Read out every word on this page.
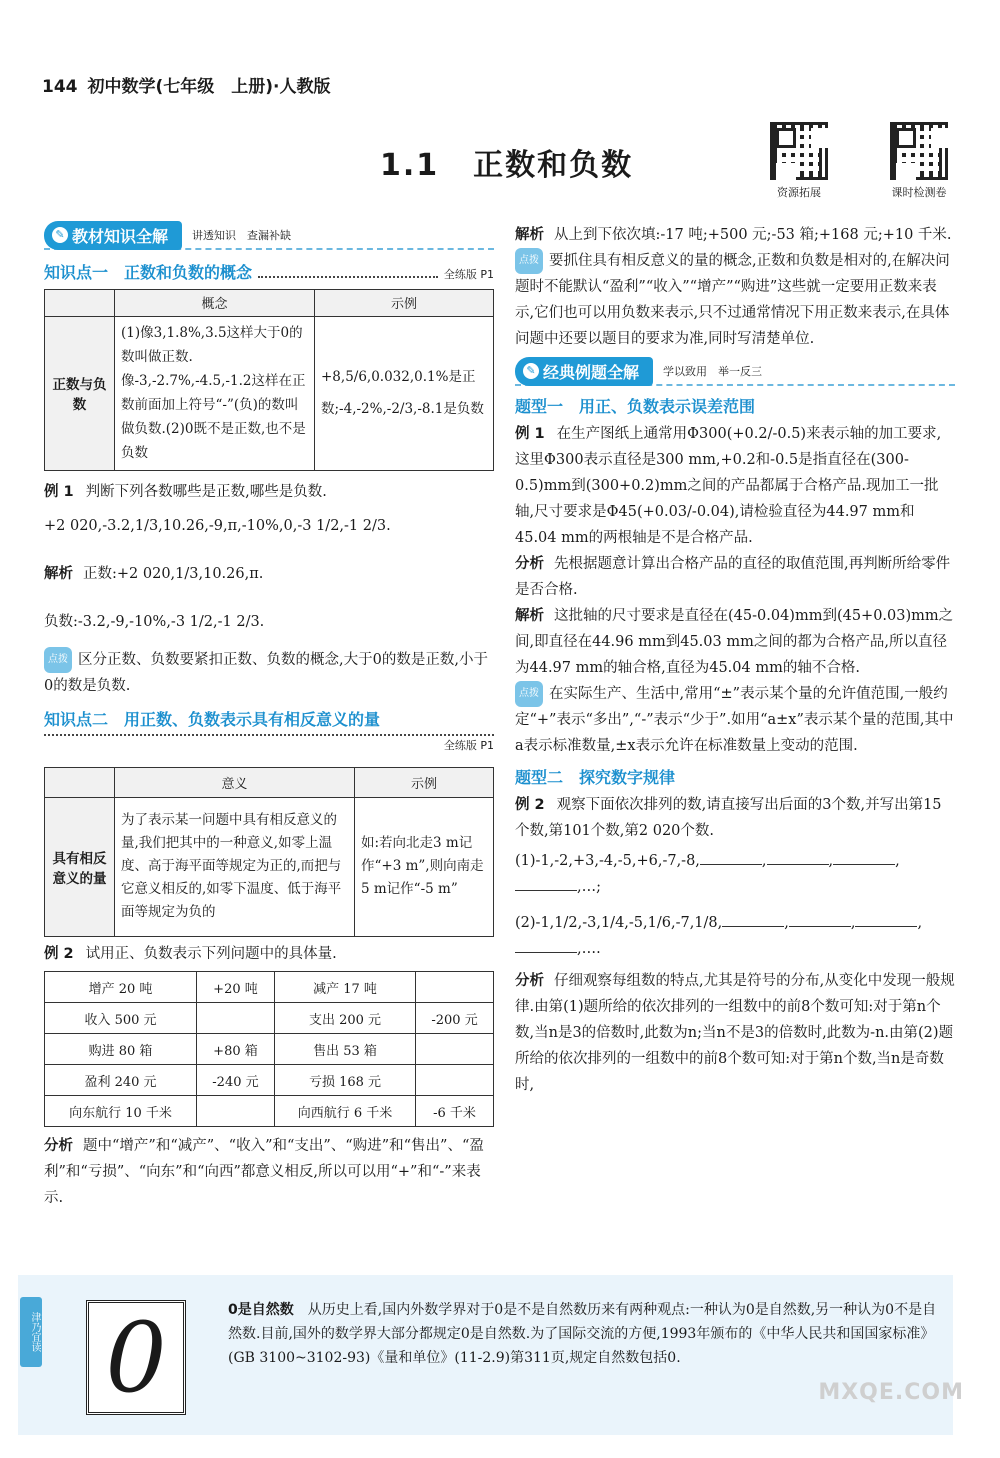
144 初中数学(七年级　上册)·人教版
1.1 正数和负数
资源拓展	课时检测卷
✎ 教材知识全解 讲透知识　查漏补缺
知识点一　正数和负数的概念	全练版 P1
	概念	示例
正数与负数	(1)像3,1.8%,3.5这样大于0的数叫做正数.像-3,-2.7%,-4.5,-1.2这样在正数前面加上符号“-”(负)的数叫做负数.(2)0既不是正数,也不是负数	+8,5/6,0.032,0.1%是正数;-4,-2%,-2/3,-8.1是负数

例 1 判断下列各数哪些是正数,哪些是负数.

+2 020,-3.2,1/3,10.26,-9,π,-10%,0,-3 1/2,-1 2/3.

解析 正数:+2 020,1/3,10.26,π.

负数:-3.2,-9,-10%,-3 1/2,-1 2/3.

点拨 区分正数、负数要紧扣正数、负数的概念,大于0的数是正数,小于0的数是负数.

知识点二　用正数、负数表示具有相反意义的量
全练版 P1
	意义	示例
具有相反意义的量	为了表示某一问题中具有相反意义的量,我们把其中的一种意义,如零上温度、高于海平面等规定为正的,而把与它意义相反的,如零下温度、低于海平面等规定为负的	如:若向北走3 m记作“+3 m”,则向南走5 m记作“-5 m”

例 2 试用正、负数表示下列问题中的具体量.

增产 20 吨	+20 吨	减产 17 吨	
收入 500 元		支出 200 元	-200 元
购进 80 箱	+80 箱	售出 53 箱	
盈利 240 元	-240 元	亏损 168 元	
向东航行 10 千米		向西航行 6 千米	-6 千米

分析 题中“增产”和“减产”、“收入”和“支出”、“购进”和“售出”、“盈利”和“亏损”、“向东”和“向西”都意义相反,所以可以用“+”和“-”来表示.

解析 从上到下依次填:-17 吨;+500 元;-53 箱;+168 元;+10 千米.

点拨 要抓住具有相反意义的量的概念,正数和负数是相对的,在解决问题时不能默认“盈利”“收入”“增产”“购进”这些就一定要用正数来表示,它们也可以用负数来表示,只不过通常情况下用正数来表示,在具体问题中还要以题目的要求为准,同时写清楚单位.

✎ 经典例题全解 学以致用　举一反三
题型一　用正、负数表示误差范围

例 1 在生产图纸上通常用Φ300(+0.2/-0.5)来表示轴的加工要求,这里Φ300表示直径是300 mm,+0.2和-0.5是指直径在(300-0.5)mm到(300+0.2)mm之间的产品都属于合格产品.现加工一批轴,尺寸要求是Φ45(+0.03/-0.04),请检验直径为44.97 mm和45.04 mm的两根轴是不是合格产品.

分析 先根据题意计算出合格产品的直径的取值范围,再判断所给零件是否合格.

解析 这批轴的尺寸要求是直径在(45-0.04)mm到(45+0.03)mm之间,即直径在44.96 mm到45.03 mm之间的都为合格产品,所以直径为44.97 mm的轴合格,直径为45.04 mm的轴不合格.

点拨 在实际生产、生活中,常用“±”表示某个量的允许值范围,一般约定“+”表示“多出”,“-”表示“少于”.如用“a±x”表示某个量的范围,其中a表示标准数量,±x表示允许在标准数量上变动的范围.

题型二　探究数字规律

例 2 观察下面依次排列的数,请直接写出后面的3个数,并写出第15个数,第101个数,第2 020个数.

(1)-1,-2,+3,-4,-5,+6,-7,-8,	,	,	,
,…;

(2)-1,1/2,-3,1/4,-5,1/6,-7,1/8,	,	,	,
,….

分析 仔细观察每组数的特点,尤其是符号的分布,从变化中发现一般规律.由第(1)题所给的依次排列的一组数中的前8个数可知:对于第n个数,当n是3的倍数时,此数为n;当n不是3的倍数时,此数为-n.由第(2)题所给的依次排列的一组数中的前8个数可知:对于第n个数,当n是奇数时,

津乃宜读 0	0是自然数　 从历史上看,国内外数学界对于0是不是自然数历来有两种观点:一种认为0是自然数,另一种认为0不是自然数.目前,国外的数学界大部分都规定0是自然数.为了国际交流的方便,1993年颁布的《中华人民共和国国家标准》(GB 3100~3102-93)《量和单位》(11-2.9)第311页,规定自然数包括0.
MXQE.COM
